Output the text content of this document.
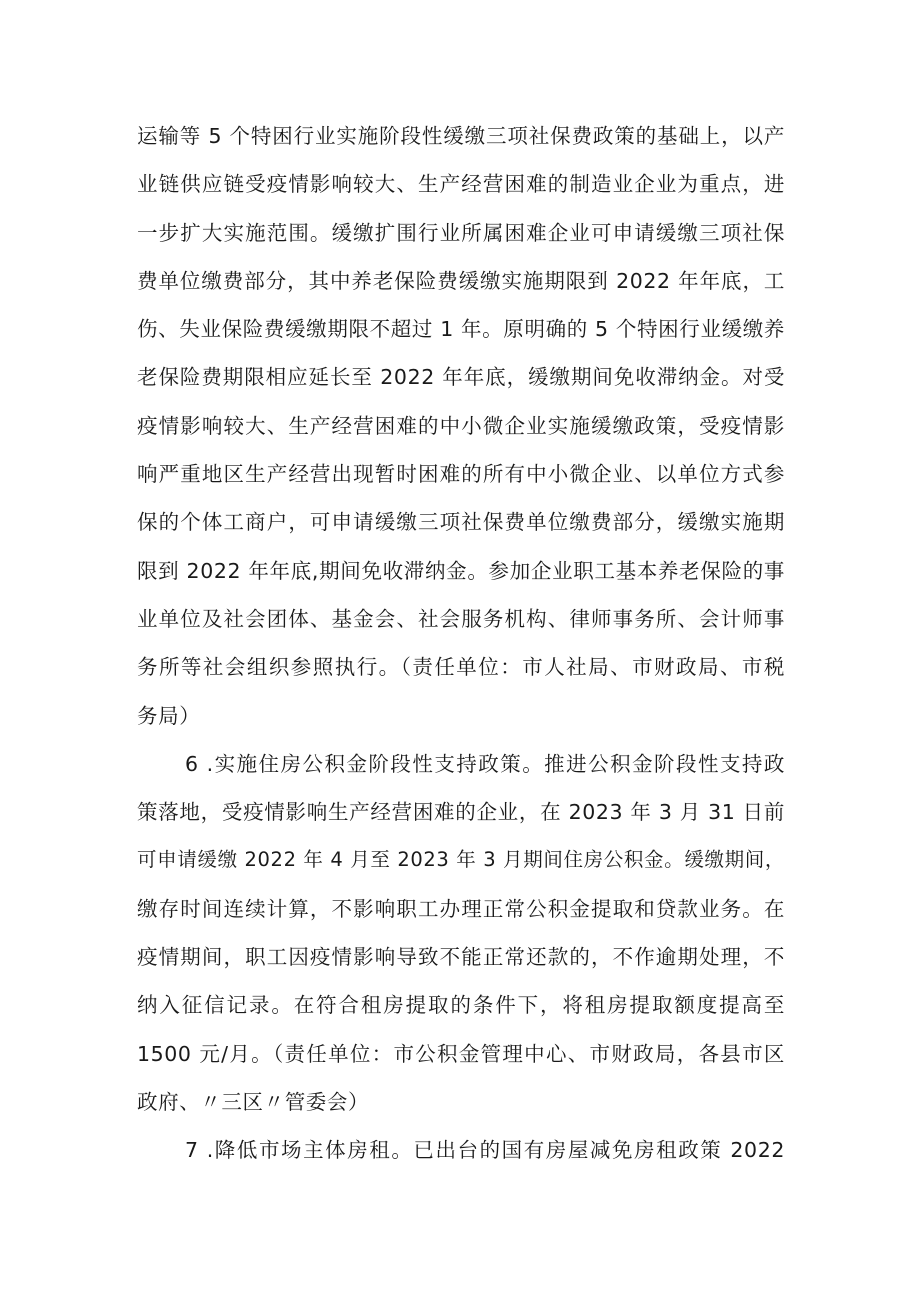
运输等 5 个特困行业实施阶段性缓缴三项社保费政策的基础上，以产
业链供应链受疫情影响较大、生产经营困难的制造业企业为重点，进
一步扩大实施范围。缓缴扩围行业所属困难企业可申请缓缴三项社保
费单位缴费部分，其中养老保险费缓缴实施期限到 2022 年年底，工
伤、失业保险费缓缴期限不超过 1 年。原明确的 5 个特困行业缓缴养
老保险费期限相应延长至 2022 年年底，缓缴期间免收滞纳金。对受
疫情影响较大、生产经营困难的中小微企业实施缓缴政策，受疫情影
响严重地区生产经营出现暂时困难的所有中小微企业、以单位方式参
保的个体工商户，可申请缓缴三项社保费单位缴费部分，缓缴实施期
限到 2022 年年底,期间免收滞纳金。参加企业职工基本养老保险的事
业单位及社会团体、基金会、社会服务机构、律师事务所、会计师事
务所等社会组织参照执行。（责任单位：市人社局、市财政局、市税
务局）
6 .实施住房公积金阶段性支持政策。推进公积金阶段性支持政
策落地，受疫情影响生产经营困难的企业，在 2023 年 3 月 31 日前
可申请缓缴 2022 年 4 月至 2023 年 3 月期间住房公积金。缓缴期间，
缴存时间连续计算，不影响职工办理正常公积金提取和贷款业务。在
疫情期间，职工因疫情影响导致不能正常还款的，不作逾期处理，不
纳入征信记录。在符合租房提取的条件下，将租房提取额度提高至
1500 元/月。（责任单位：市公积金管理中心、市财政局，各县市区
政府、〃三区〃管委会）
7 .降低市场主体房租。已出台的国有房屋减免房租政策 2022
